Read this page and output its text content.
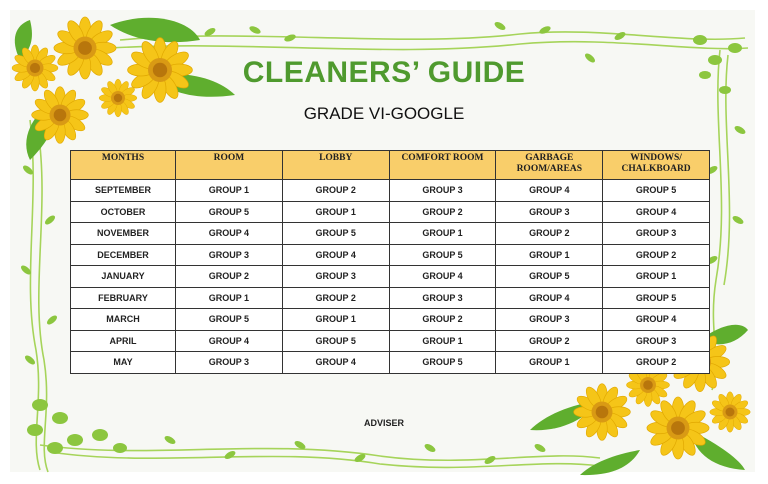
CLEANERS’ GUIDE
GRADE VI-GOOGLE
MONTHS	ROOM	LOBBY	COMFORT ROOM	GARBAGE ROOM/AREAS	WINDOWS/ CHALKBOARD
SEPTEMBER	GROUP 1	GROUP 2	GROUP 3	GROUP 4	GROUP 5
OCTOBER	GROUP 5	GROUP 1	GROUP 2	GROUP 3	GROUP 4
NOVEMBER	GROUP 4	GROUP 5	GROUP 1	GROUP 2	GROUP 3
DECEMBER	GROUP 3	GROUP 4	GROUP 5	GROUP 1	GROUP 2
JANUARY	GROUP 2	GROUP 3	GROUP 4	GROUP 5	GROUP 1
FEBRUARY	GROUP 1	GROUP 2	GROUP 3	GROUP 4	GROUP 5
MARCH	GROUP 5	GROUP 1	GROUP 2	GROUP 3	GROUP 4
APRIL	GROUP 4	GROUP 5	GROUP 1	GROUP 2	GROUP 3
MAY	GROUP 3	GROUP 4	GROUP 5	GROUP 1	GROUP 2
ADVISER
